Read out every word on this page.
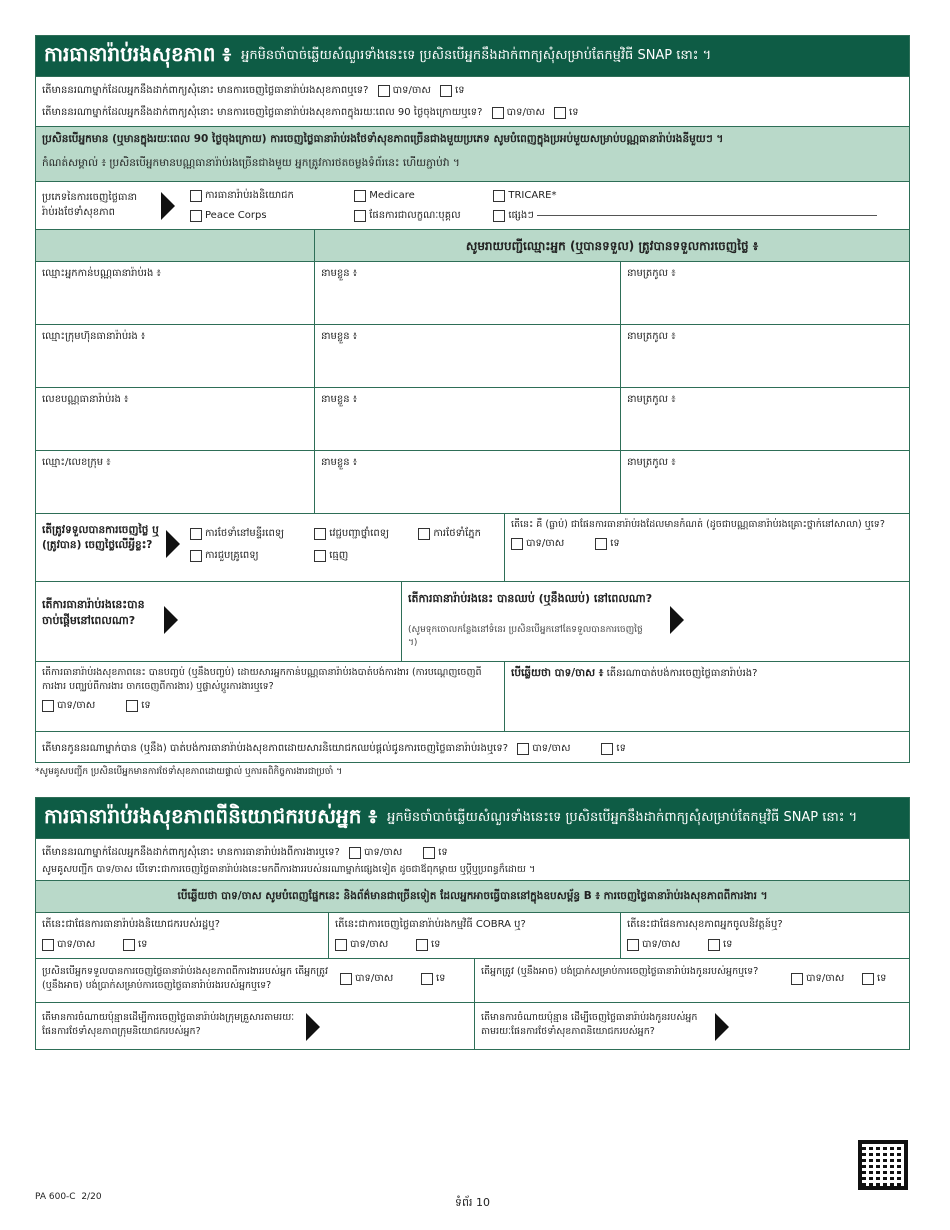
ការធានារ៉ាប់រងសុខភាព ៖ អ្នកមិនចាំបាច់ឆ្លើយសំណួរទាំងនេះទេ ប្រសិនបើអ្នកនឹងដាក់ពាក្យសុំសម្រាប់តែកម្មវិធី SNAP នោះ ។
តើមាននរណាម្នាក់ដែលអ្នកនឹងដាក់ពាក្យសុំនោះ មានការចេញថ្លៃធានារ៉ាប់រងសុខភាពឬទេ? បាទ/ចាស ទេ
តើមាននរណាម្នាក់ដែលអ្នកនឹងដាក់ពាក្យសុំនោះ មានការចេញថ្លៃធានារ៉ាប់រងសុខភាពក្នុងរយៈពេល 90 ថ្ងៃចុងក្រោយឬទេ? បាទ/ចាស ទេ
ប្រសិនបើអ្នកមាន (ឬមានក្នុងរយៈពេល 90 ថ្ងៃចុងក្រោយ) ការចេញថ្លៃធានារ៉ាប់រងថែទាំសុខភាពច្រើនជាងមួយប្រភេទ សូមបំពេញក្នុងប្រអប់មួយសម្រាប់បណ្ណធានារ៉ាប់រងនីមួយៗ ។
កំណត់សម្គាល់ ៖ ប្រសិនបើអ្នកមានបណ្ណធានារ៉ាប់រងច្រើនជាងមួយ អ្នកត្រូវការថតចម្លងទំព័រនេះ ហើយភ្ជាប់វា ។
ប្រភេទនៃការចេញថ្លៃធានារ៉ាប់រងថែទាំសុខភាព
ការធានារ៉ាប់រងនិយោជក	Medicare	TRICARE*
Peace Corps	ផែនការជាលក្ខណៈបុគ្គល	ផ្សេងៗ
សូមរាយបញ្ជីឈ្មោះអ្នក (ឬបានទទួល) ត្រូវបានទទួលការចេញថ្លៃ ៖
ឈ្មោះអ្នកកាន់បណ្ណធានារ៉ាប់រង ៖	នាមខ្លួន ៖	នាមត្រកូល ៖
ឈ្មោះក្រុមហ៊ុនធានារ៉ាប់រង ៖	នាមខ្លួន ៖	នាមត្រកូល ៖
លេខបណ្ណធានារ៉ាប់រង ៖	នាមខ្លួន ៖	នាមត្រកូល ៖
ឈ្មោះ/លេខក្រុម ៖	នាមខ្លួន ៖	នាមត្រកូល ៖
តើត្រូវទទួលបានការចេញថ្លៃ ឬ (ត្រូវបាន) ចេញថ្លៃលើអ្វីខ្លះ?
ការថែទាំនៅមន្ទីរពេទ្យ	វេជ្ជបញ្ជាថ្នាំពេទ្យ	ការថែទាំភ្នែក
ការជួបគ្រូពេទ្យ	ធ្មេញ
តើនេះ គឺ (ធ្លាប់) ជាផែនការធានារ៉ាប់រងដែលមានកំណត់ (ដូចជាបណ្ណធានារ៉ាប់រងគ្រោះថ្នាក់នៅសាលា) ឬទេ?
បាទ/ចាស	ទេ
តើការធានារ៉ាប់រងនេះបានចាប់ផ្តើមនៅពេលណា?
តើការធានារ៉ាប់រងនេះ បានឈប់ (ឬនឹងឈប់) នៅពេលណា?
(សូមទុកចោលកន្លែងនៅទំនេរ ប្រសិនបើអ្នកនៅតែទទួលបានការចេញថ្លៃ ។)
តើការធានារ៉ាប់រងសុខភាពនេះ បានបញ្ចប់ (ឬនឹងបញ្ចប់) ដោយសារអ្នកកាន់បណ្ណធានារ៉ាប់រងបាត់បង់ការងារ (ការបណ្តេញចេញពីការងារ បញ្ឈប់ពីការងារ ចាកចេញពីការងារ) ឬផ្លាស់ប្តូរការងារឬទេ?
បាទ/ចាស	ទេ
បើឆ្លើយថា បាទ/ចាស ៖ តើនរណាបាត់បង់ការចេញថ្លៃធានារ៉ាប់រង?
តើមានកូននរណាម្នាក់បាន (ឬនឹង) បាត់បង់ការធានារ៉ាប់រងសុខភាពដោយសារនិយោជកឈប់ផ្តល់ជូនការចេញថ្លៃធានារ៉ាប់រងឬទេ? បាទ/ចាស	ទេ
*សូមគូសបញ្ជីក ប្រសិនបើអ្នកមានការថែទាំសុខភាពដោយផ្ទាល់ ឬការតពិកិច្ចការងារជាប្រចាំ ។
ការធានារ៉ាប់រងសុខភាពពីនិយោជករបស់អ្នក ៖ អ្នកមិនចាំបាច់ឆ្លើយសំណួរទាំងនេះទេ ប្រសិនបើអ្នកនឹងដាក់ពាក្យសុំសម្រាប់តែកម្មវិធី SNAP នោះ ។
តើមាននរណាម្នាក់ដែលអ្នកនឹងដាក់ពាក្យសុំនោះ មានការធានារ៉ាប់រងពីការងារឬទេ? បាទ/ចាស	ទេ
សូមគូសបញ្ជីក បាទ/ចាស បើទោះជាការចេញថ្លៃធានារ៉ាប់រងនេះមកពីការងាររបស់នរណាម្នាក់ផ្សេងទៀត ដូចជាឪពុកម្តាយ ឬប្តីឬប្រពន្ធក៏ដោយ ។
បើឆ្លើយថា បាទ/ចាស សូមបំពេញផ្នែកនេះ និងព័ត៌មានជាច្រើនទៀត ដែលអ្នកអាចធ្វើបាននៅក្នុងឧបសម្ព័ន្ធ B ៖ ការចេញថ្លៃធានារ៉ាប់រងសុខភាពពីការងារ ។
តើនេះជាផែនការធានារ៉ាប់រងនិយោជករបស់រដ្ឋឬ?
បាទ/ចាស	ទេ
តើនេះជាការចេញថ្លៃធានារ៉ាប់រងកម្មវិធី COBRA ឬ?
បាទ/ចាស	ទេ
តើនេះជាផែនការសុខភាពអ្នកចូលនិវត្តន៍ឬ?
បាទ/ចាស	ទេ
ប្រសិនបើអ្នកទទួលបានការចេញថ្លៃធានារ៉ាប់រងសុខភាពពីការងាររបស់អ្នក តើអ្នកត្រូវ (ឬនឹងអាច) បង់ប្រាក់សម្រាប់ការចេញថ្លៃធានារ៉ាប់រងរបស់អ្នកឬទេ?
បាទ/ចាស	ទេ
តើអ្នកត្រូវ (ឬនឹងអាច) បង់ប្រាក់សម្រាប់ការចេញថ្លៃធានារ៉ាប់រងកូនរបស់អ្នកឬទេ?
បាទ/ចាស	ទេ
តើមានការចំណាយប៉ុន្មានដើម្បីការចេញថ្លៃធានារ៉ាប់រងក្រុមគ្រួសារតាមរយៈផែនការថែទាំសុខភាពក្រុមនិយោជករបស់អ្នក?
តើមានការចំណាយប៉ុន្មាន ដើម្បីចេញថ្លៃធានារ៉ាប់រងកូនរបស់អ្នកតាមរយៈផែនការថែទាំសុខភាពនិយោជករបស់អ្នក?
PA 600-C 2/20	ទំព័រ 10
